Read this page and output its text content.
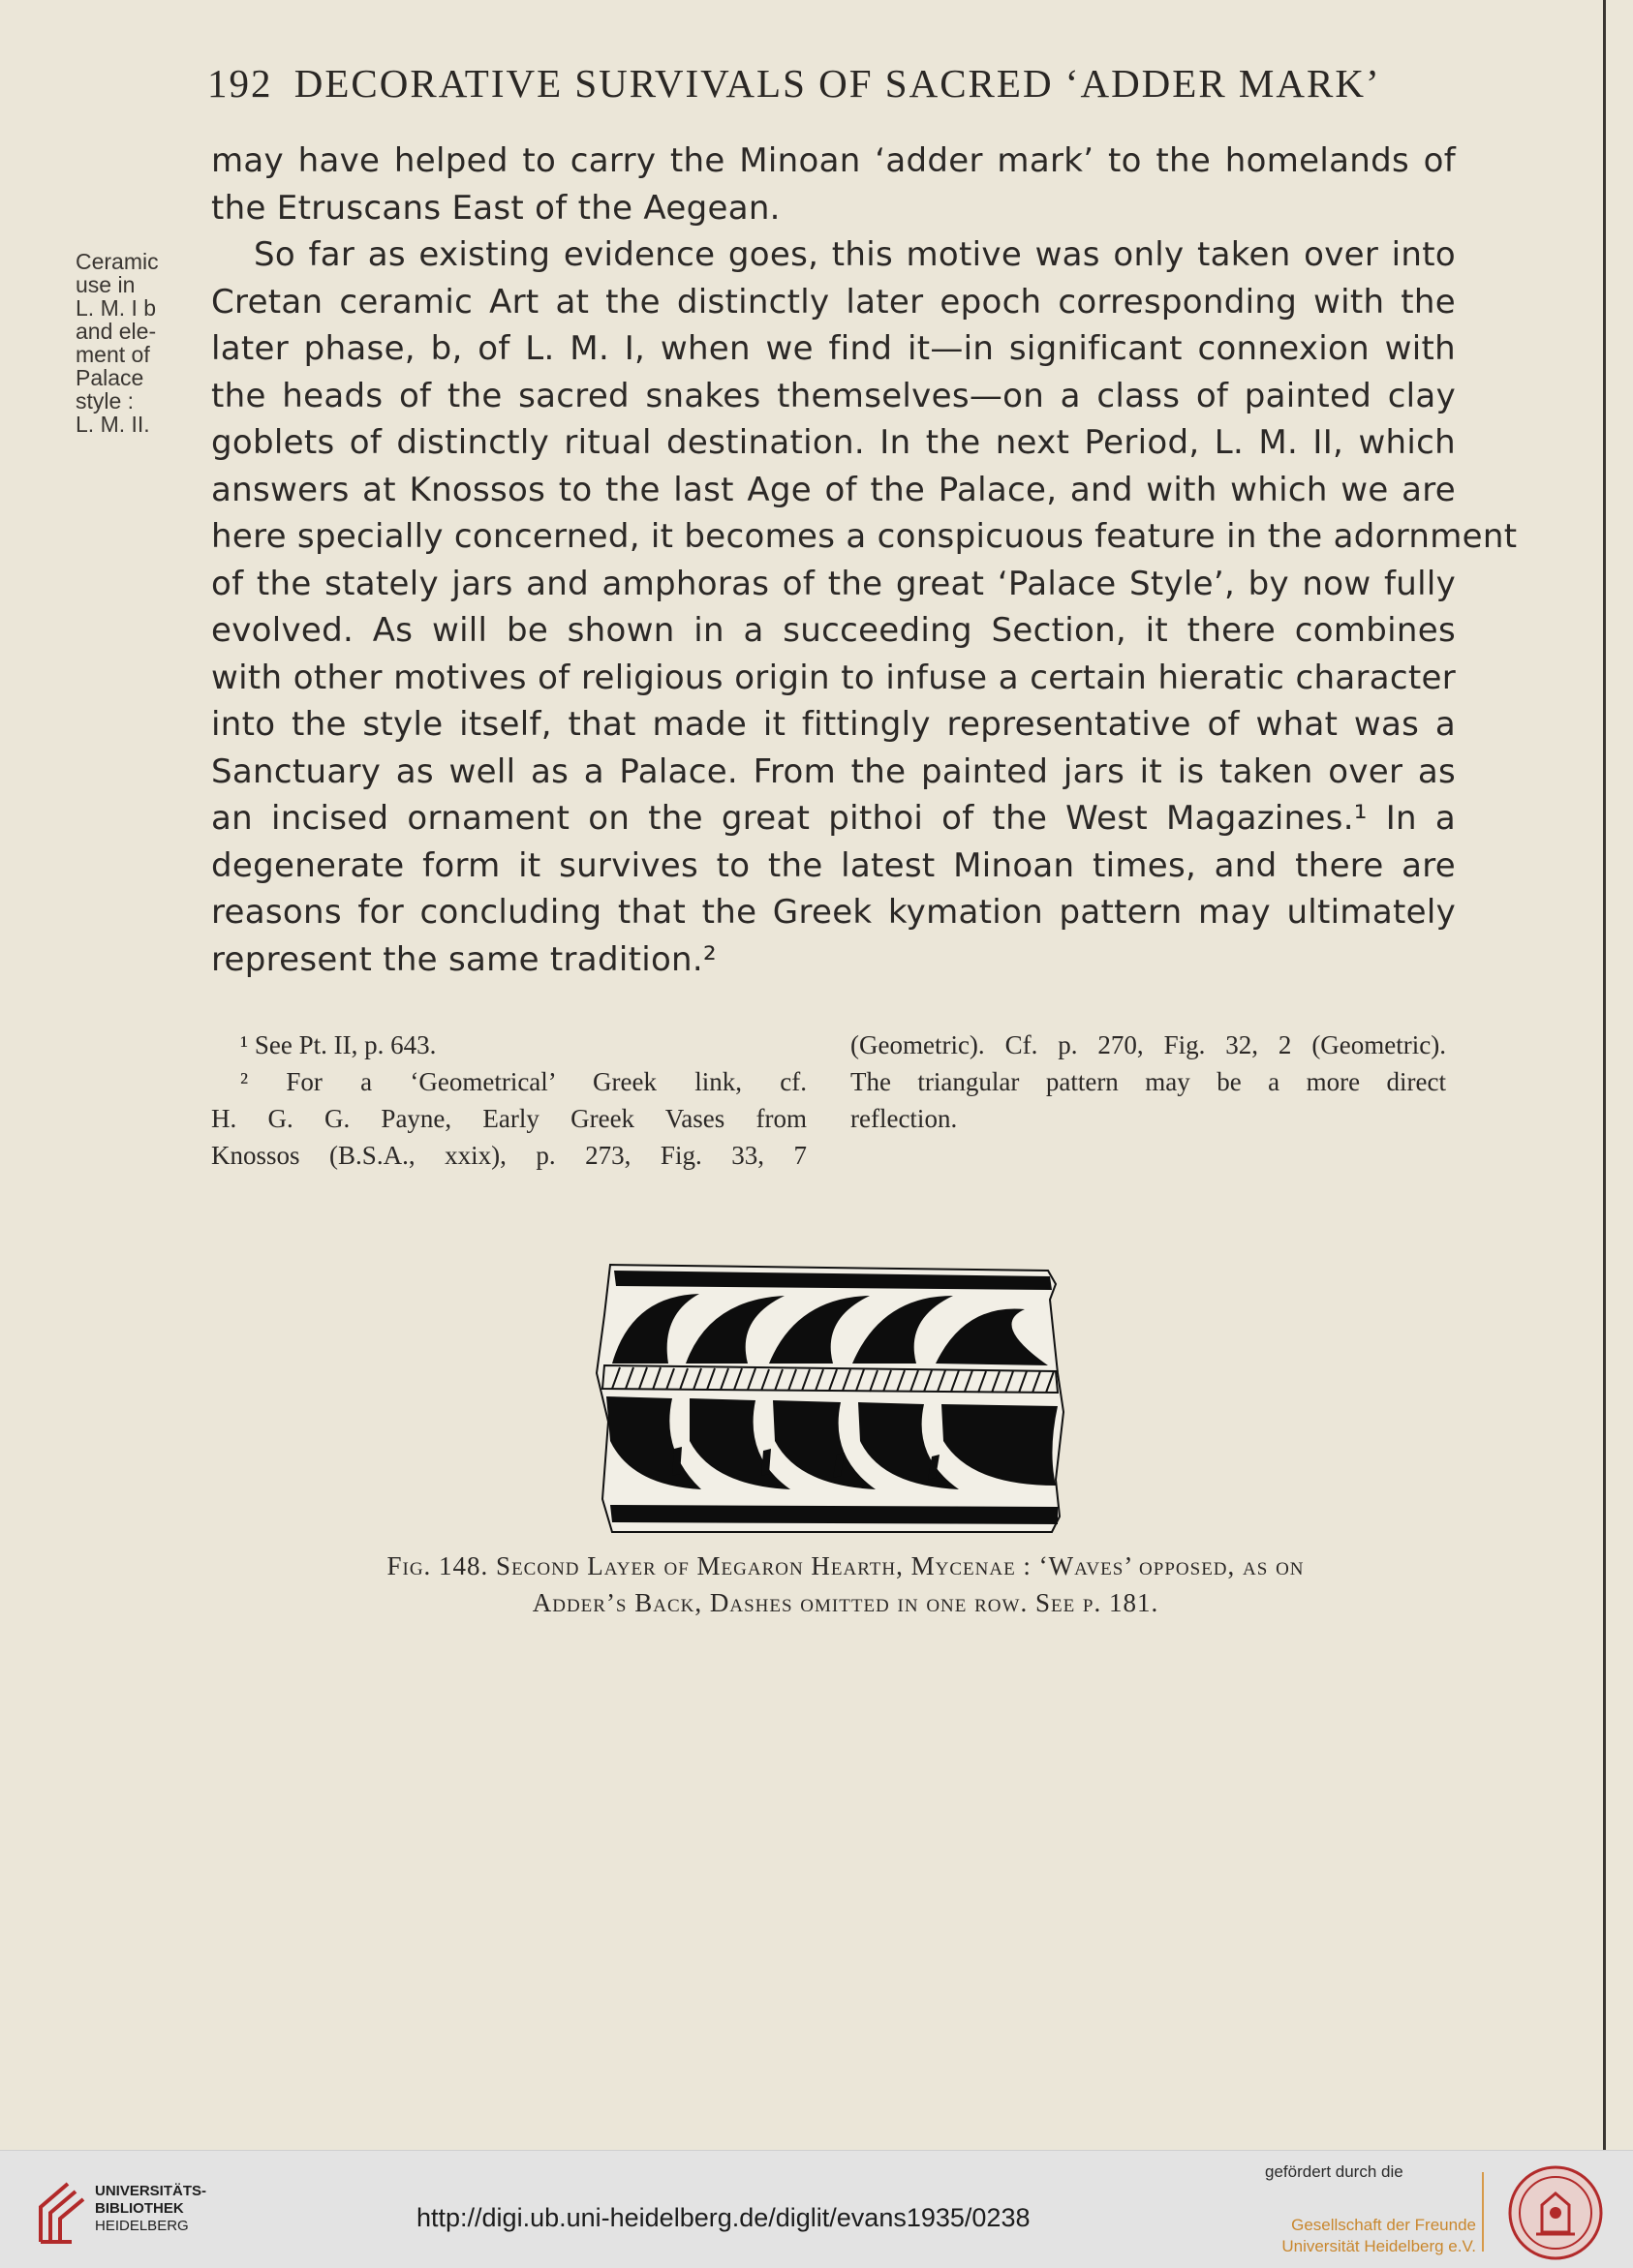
192 DECORATIVE SURVIVALS OF SACRED ‘ADDER MARK’
Ceramic
use in
L. M. I b
and ele-
ment of
Palace
style :
L. M. II.
may have helped to carry the Minoan ‘adder mark’ to the homelands of
the Etruscans East of the Aegean.
So far as existing evidence goes, this motive was only taken over into
Cretan ceramic Art at the distinctly later epoch corresponding with the
later phase, b, of L. M. I, when we find it—in significant connexion with
the heads of the sacred snakes themselves—on a class of painted clay
goblets of distinctly ritual destination. In the next Period, L. M. II, which
answers at Knossos to the last Age of the Palace, and with which we are
here specially concerned, it becomes a conspicuous feature in the adornment
of the stately jars and amphoras of the great ‘Palace Style’, by now fully
evolved. As will be shown in a succeeding Section, it there combines
with other motives of religious origin to infuse a certain hieratic character
into the style itself, that made it fittingly representative of what was a
Sanctuary as well as a Palace. From the painted jars it is taken over as
an incised ornament on the great pithoi of the West Magazines.¹ In a
degenerate form it survives to the latest Minoan times, and there are
reasons for concluding that the Greek kymation pattern may ultimately
represent the same tradition.²
¹ See Pt. II, p. 643.
² For a ‘Geometrical’ Greek link, cf.
H. G. G. Payne, Early Greek Vases from
Knossos (B.S.A., xxix), p. 273, Fig. 33, 7
(Geometric). Cf. p. 270, Fig. 32, 2 (Geometric).
The triangular pattern may be a more direct
reflection.
Fig. 148. Second Layer of Megaron Hearth, Mycenae : ‘Waves’ opposed, as on
Adder’s Back, Dashes omitted in one row. See p. 181.
UNIVERSITÄTS-
BIBLIOTHEK
HEIDELBERG	http://digi.ub.uni-heidelberg.de/diglit/evans1935/0238
gefördert durch die
Gesellschaft der Freunde
Universität Heidelberg e.V.
